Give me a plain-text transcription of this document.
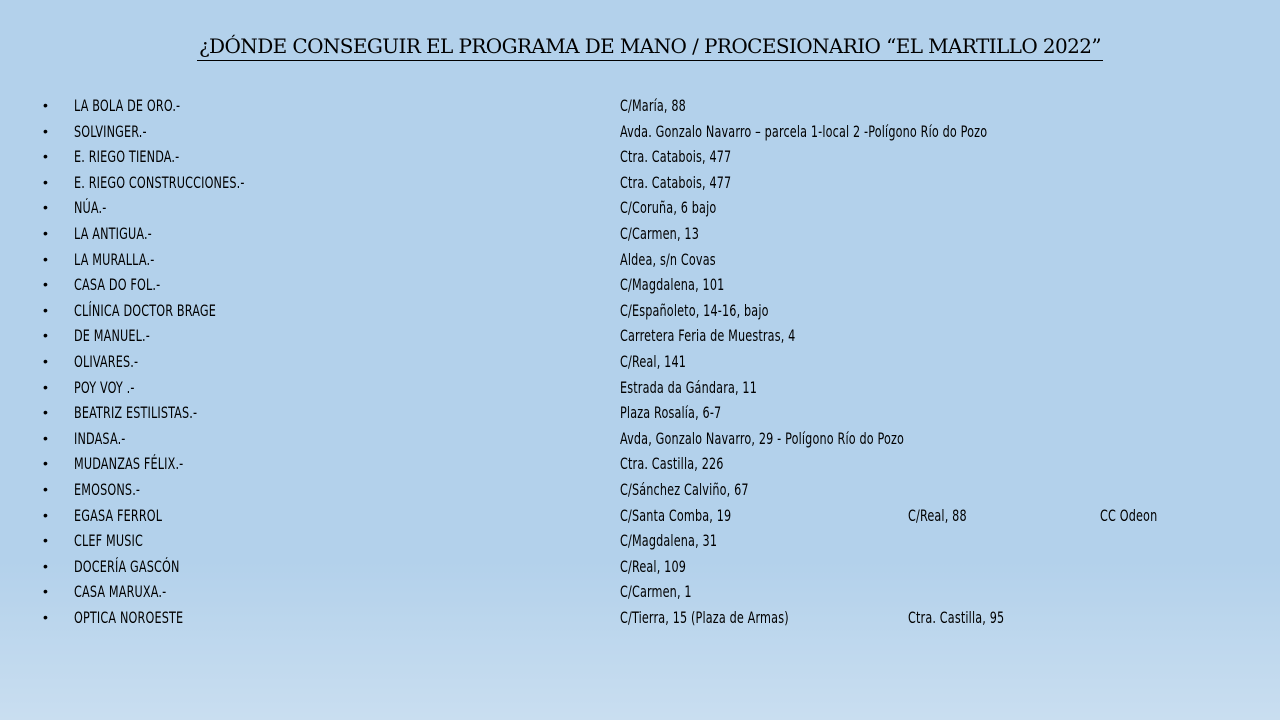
¿DÓNDE CONSEGUIR EL PROGRAMA DE MANO / PROCESIONARIO “EL MARTILLO 2022”
• LA BOLA DE ORO.-	C/María, 88
• SOLVINGER.-	Avda. Gonzalo Navarro – parcela 1-local 2 -Polígono Río do Pozo
• E. RIEGO TIENDA.-	Ctra. Catabois, 477
• E. RIEGO CONSTRUCCIONES.-	Ctra. Catabois, 477
• NÚA.-	C/Coruña, 6 bajo
• LA ANTIGUA.-	C/Carmen, 13
• LA MURALLA.-	Aldea, s/n Covas
• CASA DO FOL.-	C/Magdalena, 101
• CLÍNICA DOCTOR BRAGE	C/Españoleto, 14-16, bajo
• DE MANUEL.-	Carretera Feria de Muestras, 4
• OLIVARES.-	C/Real, 141
• POY VOY .-	Estrada da Gándara, 11
• BEATRIZ ESTILISTAS.-	Plaza Rosalía, 6-7
• INDASA.-	Avda, Gonzalo Navarro, 29 - Polígono Río do Pozo
• MUDANZAS FÉLIX.-	Ctra. Castilla, 226
• EMOSONS.-	C/Sánchez Calviño, 67
• EGASA FERROL	C/Santa Comba, 19	C/Real, 88	CC Odeon
• CLEF MUSIC	C/Magdalena, 31
• DOCERÍA GASCÓN	C/Real, 109
• CASA MARUXA.-	C/Carmen, 1
• OPTICA NOROESTE	C/Tierra, 15 (Plaza de Armas)	Ctra. Castilla, 95
